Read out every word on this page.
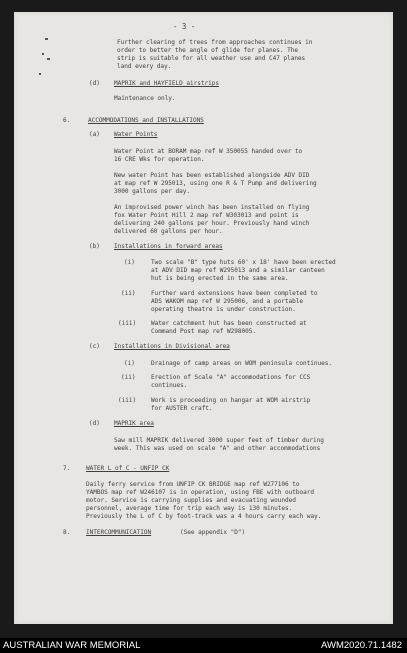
- 3 -
Further clearing of trees from approaches continues in
order to better the angle of glide for planes. The
strip is suitable for all weather use and C47 planes
land every day.
(d) MAPRIK and HAYFIELD airstrips
Maintenance only.
6.	ACCOMMODATIONS and INSTALLATIONS
(a) Water Points
Water Point at BORAM map ref W 350055 handed over to
16 CRE Wks for operation.
New water Point has been established alongside ADV DID
at map ref W 295013, using one R & T Pump and delivering
3000 gallons per day.
An improvised power winch has been installed on flying
fox Water Point Hill 2 map ref W303013 and point is
delivering 240 gallons per hour. Previously hand winch
delivered 60 gallons per hour.
(b) Installations in forward areas
(i)	Two scale "B" type huts 60' x 18' have been erected
at ADV DID map ref W295013 and a similar canteen
hut is being erected in the same area.
(ii)	Further ward extensions have been completed to
ADS WAKOM map ref W 295006, and a portable
operating theatre is under construction.
(iii) Water catchment hut has been constructed at
Command Post map ref W298005.
(c) Installations in Divisional area
(i)	Drainage of camp areas on WOM peninsula continues.
(ii)	Erection of Scale "A" accommodations for CCS
continues.
(iii) Work is proceeding on hangar at WOM airstrip
for AUSTER craft.
(d) MAPRIK area
Saw mill MAPRIK delivered 3000 super feet of timber during
week. This was used on scale "A" and other accommodations
7.	WATER L of C - UNFIP CK
Daily ferry service from UNFIP CK BRIDGE map ref W277106 to
YAMBOS map ref W246107 is in operation, using FBE with outboard
motor. Service is carrying supplies and evacuating wounded
personnel, average time for trip each way is 130 minutes.
Previously the L of C by foot-track was a 4 hours carry each way.
8.	INTERCOMMUNICATION	(See appendix "D")
AUSTRALIAN WAR MEMORIAL	AWM2020.71.1482
